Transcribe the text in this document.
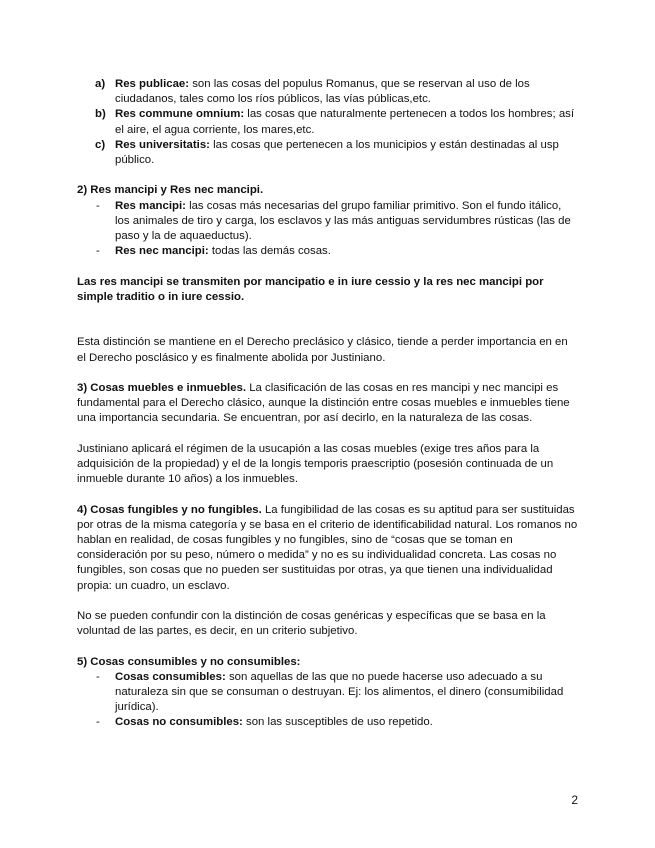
a) Res publicae: son las cosas del populus Romanus, que se reservan al uso de los ciudadanos, tales como los ríos públicos, las vías públicas,etc.
b) Res commune omnium: las cosas que naturalmente pertenecen a todos los hombres; así el aire, el agua corriente, los mares,etc.
c) Res universitatis: las cosas que pertenecen a los municipios y están destinadas al usp público.

2) Res mancipi y Res nec mancipi.

-	Res mancipi: las cosas más necesarias del grupo familiar primitivo. Son el fundo itálico, los animales de tiro y carga, los esclavos y las más antiguas servidumbres rústicas (las de paso y la de aquaeductus).
-	Res nec mancipi: todas las demás cosas.

Las res mancipi se transmiten por mancipatio e in iure cessio y la res nec mancipi por simple traditio o in iure cessio.

Esta distinción se mantiene en el Derecho preclásico y clásico, tiende a perder importancia en en el Derecho posclásico y es finalmente abolida por Justiniano.

3) Cosas muebles e inmuebles. La clasificación de las cosas en res mancipi y nec mancipi es fundamental para el Derecho clásico, aunque la distinción entre cosas muebles e inmuebles tiene una importancia secundaria. Se encuentran, por así decirlo, en la naturaleza de las cosas.

Justiniano aplicará el régimen de la usucapión a las cosas muebles (exige tres años para la adquisición de la propiedad) y el de la longis temporis praescriptio (posesión continuada de un inmueble durante 10 años) a los inmuebles.

4) Cosas fungibles y no fungibles. La fungibilidad de las cosas es su aptitud para ser sustituidas por otras de la misma categoría y se basa en el criterio de identificabilidad natural. Los romanos no hablan en realidad, de cosas fungibles y no fungibles, sino de “cosas que se toman en consideración por su peso, número o medida” y no es su individualidad concreta. Las cosas no fungibles, son cosas que no pueden ser sustituidas por otras, ya que tienen una individualidad propia: un cuadro, un esclavo.

No se pueden confundir con la distinción de cosas genéricas y específicas que se basa en la voluntad de las partes, es decir, en un criterio subjetivo.

5) Cosas consumibles y no consumibles:

-	Cosas consumibles: son aquellas de las que no puede hacerse uso adecuado a su naturaleza sin que se consuman o destruyan. Ej: los alimentos, el dinero (consumibilidad jurídica).
-	Cosas no consumibles: son las susceptibles de uso repetido.
2
